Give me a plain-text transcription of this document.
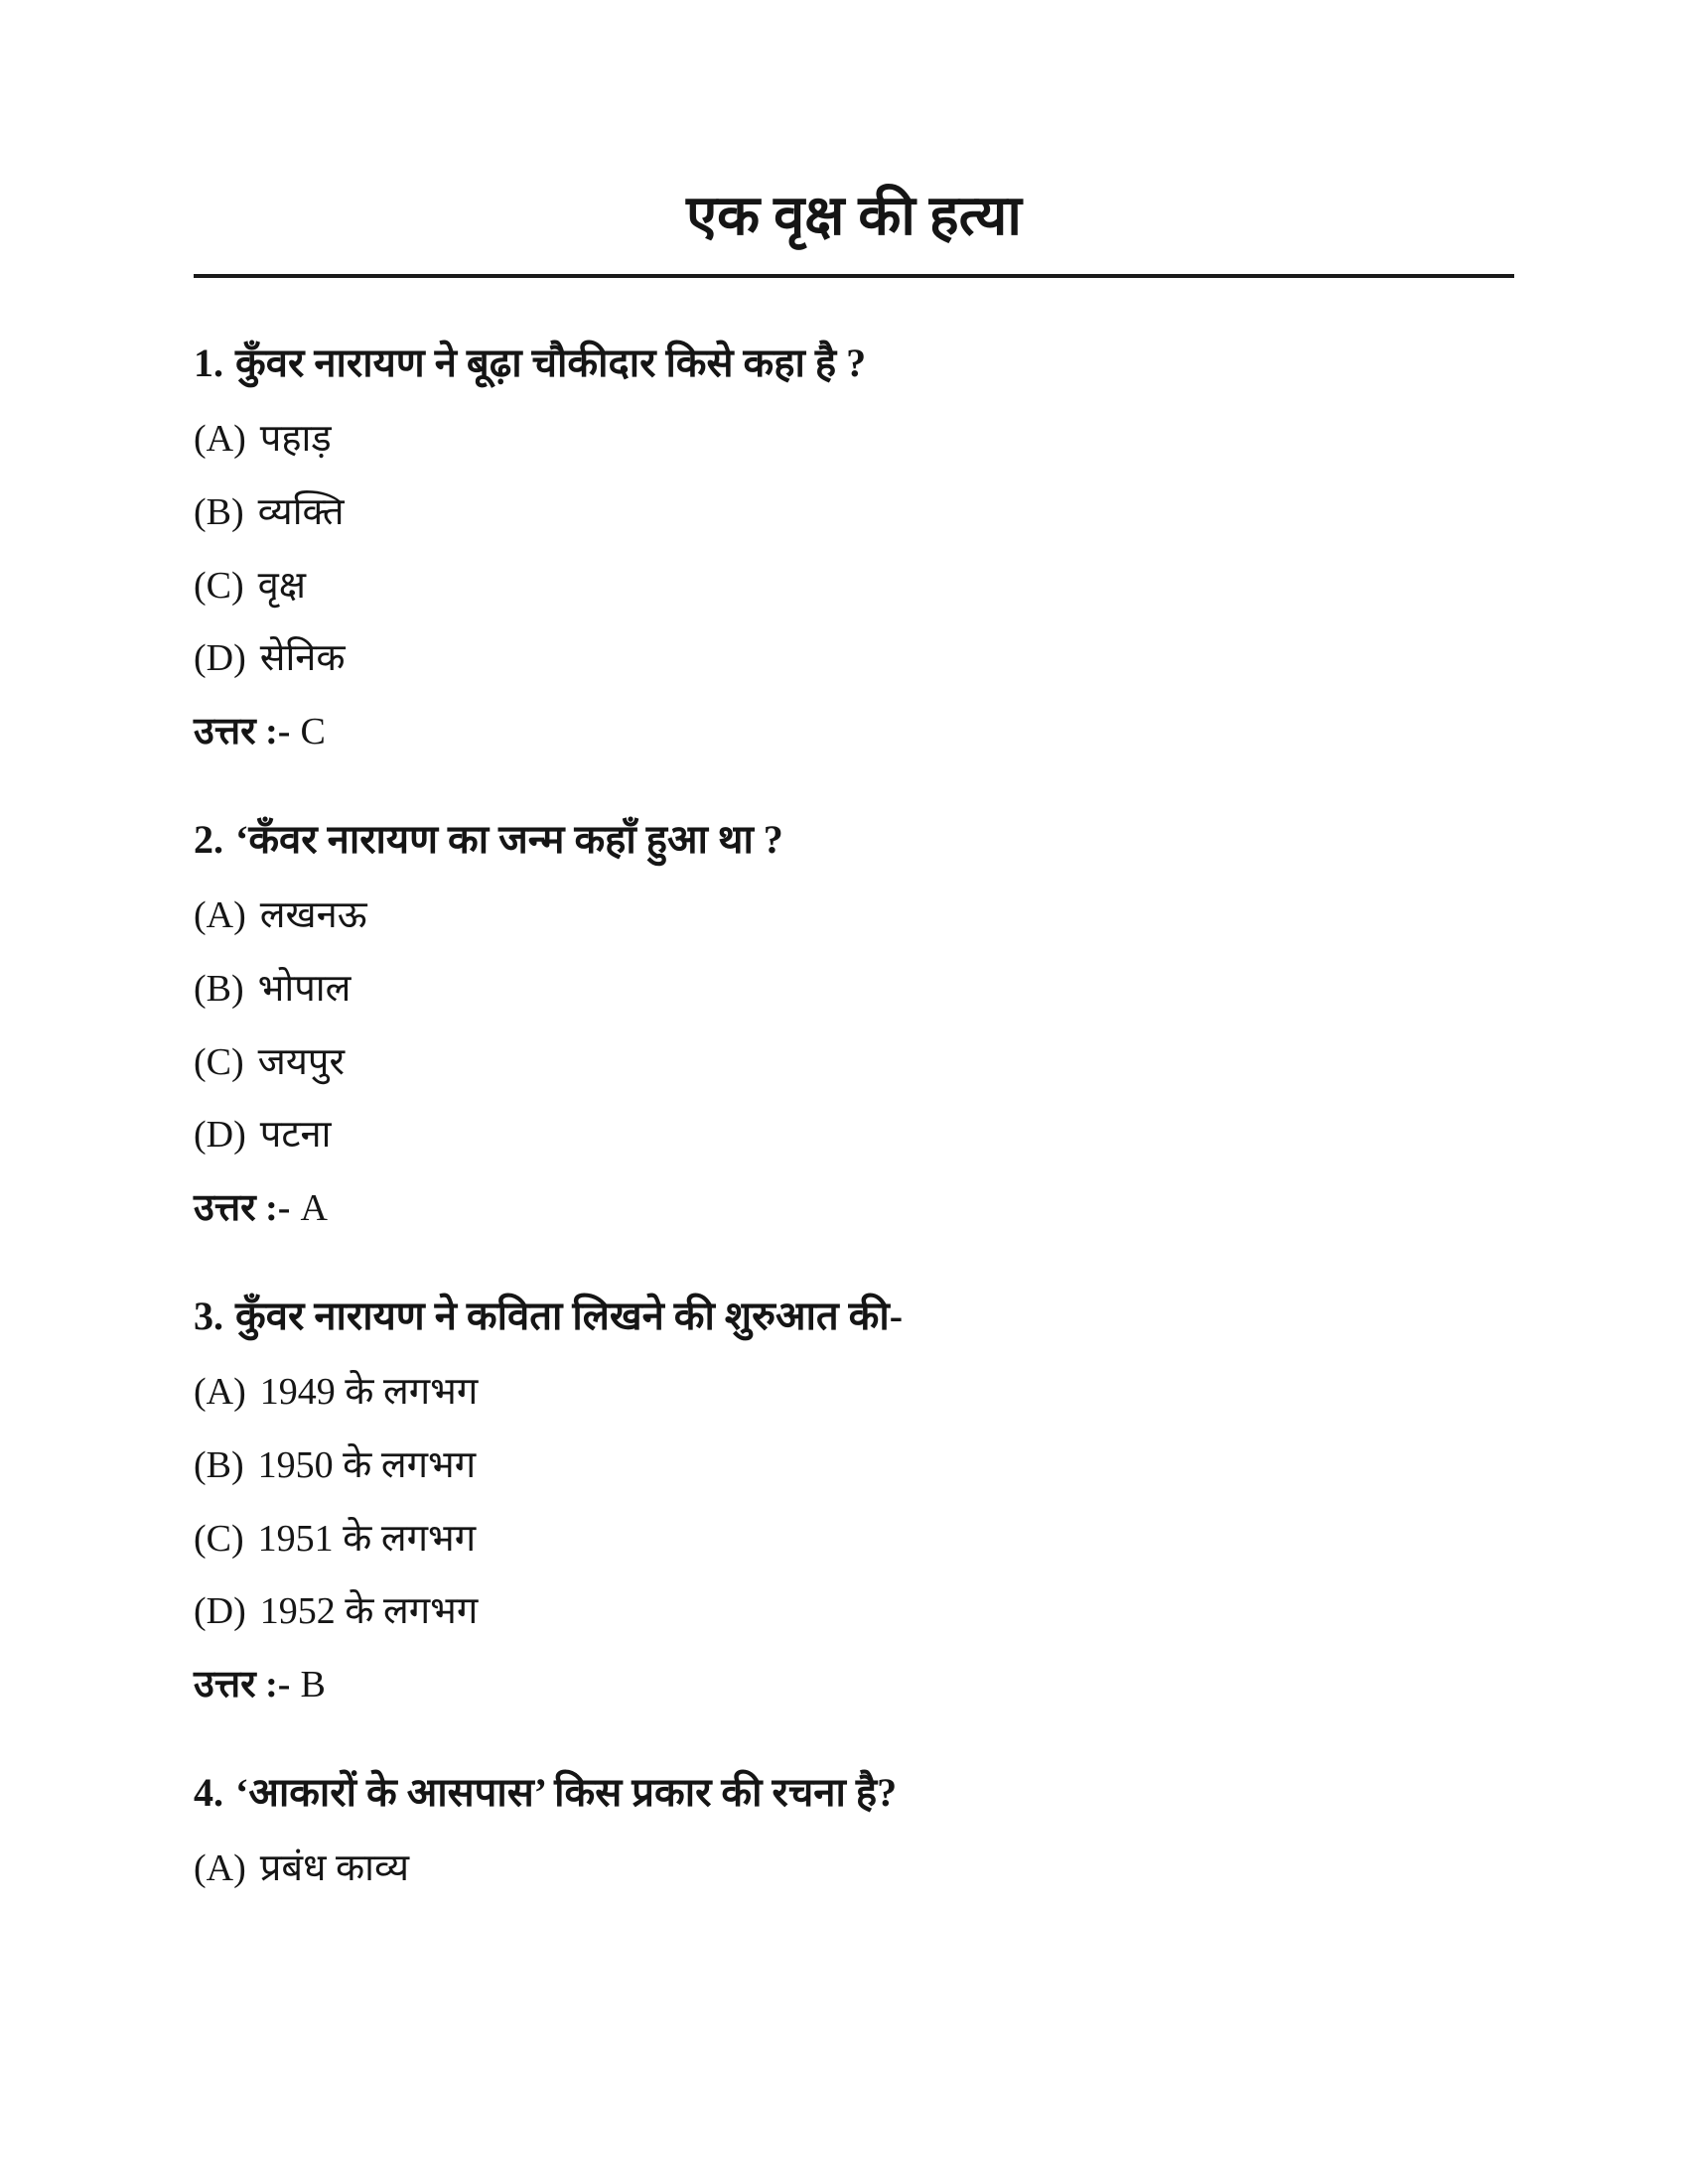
एक वृक्ष की हत्या

1. कुँवर नारायण ने बूढ़ा चौकीदार किसे कहा है ?

(A) पहाड़

(B) व्यक्ति

(C) वृक्ष

(D) सेनिक

उत्तर :- C

2. ‘कँवर नारायण का जन्म कहाँ हुआ था ?

(A) लखनऊ

(B) भोपाल

(C) जयपुर

(D) पटना

उत्तर :- A

3. कुँवर नारायण ने कविता लिखने की शुरुआत की-

(A) 1949 के लगभग

(B) 1950 के लगभग

(C) 1951 के लगभग

(D) 1952 के लगभग

उत्तर :- B

4. ‘आकारों के आसपास’ किस प्रकार की रचना है?

(A) प्रबंध काव्य
